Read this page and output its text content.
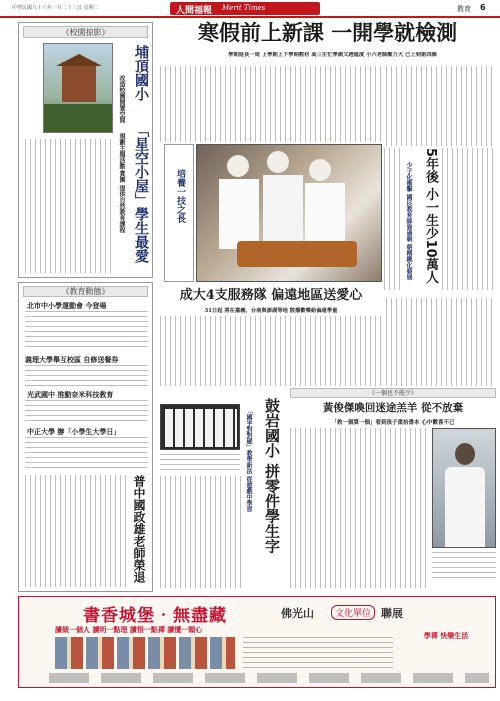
中華民國九十六年一月二十三日 星期二	人間福報 Merit Times	教育 6
《校園掠影》
埔頂國小
「星空小屋」學生最愛
改造校園閒置空間
規劃主題活動‧賞園 提供自然教育課程
寒假前上新課 一開學就檢測
學期延長一周 上學期上下學期教材 高三生忙學測又趕進度 小六老師壓力大 已上到第四課
培養一技之長	5年後 小一生少10萬人
少子化衝擊 國民教育師資過剩 朝精緻化發展
成大4支服務隊 偏遠地區送愛心
31日起 將在嘉義、台南與澎湖等地 散播歡樂給偏遠學童
《教育動態》
北市中小學運動會 今登場
義理大學舉互校區 自修送餐券
光武國中 推動奈米科技教育
中正大學 辦「小學生大學日」
普中國政雄老師榮退
《一個也不能少》
黃俊傑喚回迷途羔羊 從不放棄
「救一個算一個」看到孩子重拾書本 心中歡喜不已
鼓岩國小 拼零件學生字
「國字對對碰」教學新法 從遊戲中學習
書香城堡‧無盡藏	佛光山	文化單位 聯展
讀做一個人 讀明一點理 讀悟一點禪 讀懂一顆心
學禪 快樂生活
